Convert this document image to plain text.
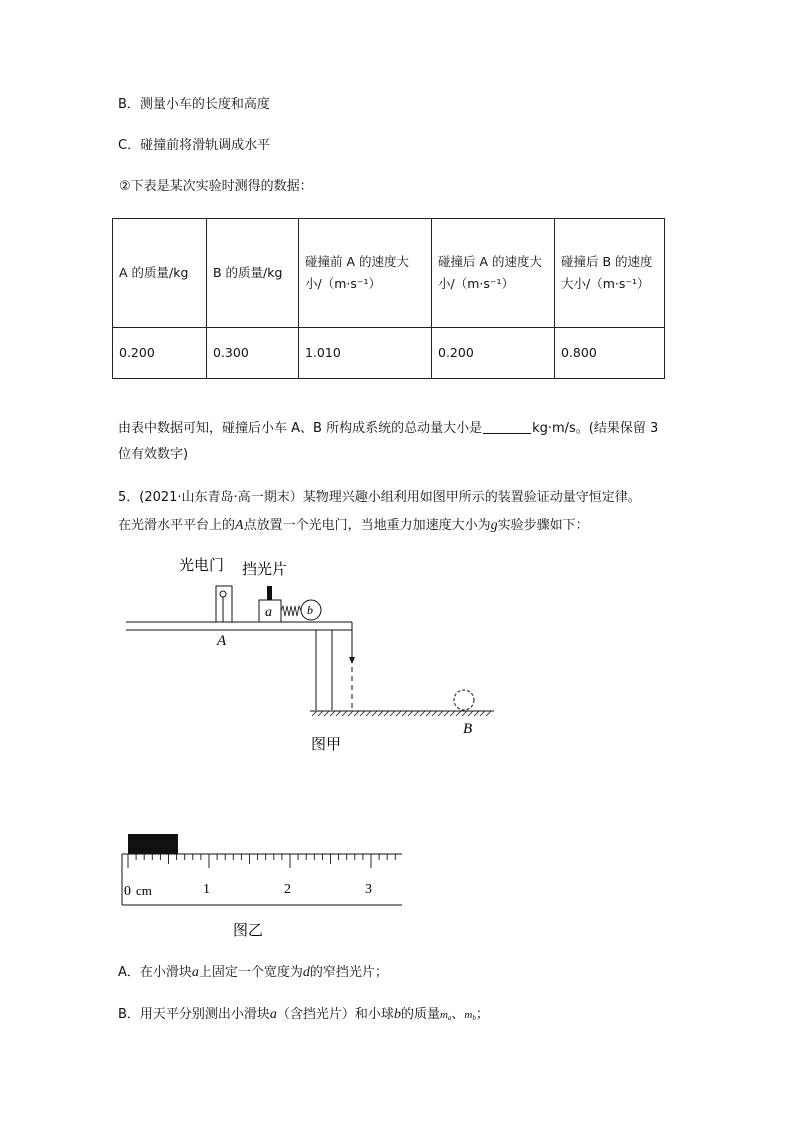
B．测量小车的长度和高度
C．碰撞前将滑轨调成水平
②下表是某次实验时测得的数据：
A 的质量/kg	B 的质量/kg	碰撞前 A 的速度大小/（m·s⁻¹）	碰撞后 A 的速度大小/（m·s⁻¹）	碰撞后 B 的速度大小/（m·s⁻¹）
0.200	0.300	1.010	0.200	0.800
由表中数据可知，碰撞后小车 A、B 所构成系统的总动量大小是	kg·m/s。(结果保留 3
位有效数字)
5．(2021·山东青岛·高一期末）某物理兴趣小组利用如图甲所示的装置验证动量守恒定律。
在光滑水平平台上的A点放置一个光电门，当地重力加速度大小为g实验步骤如下：
光电门 挡光片
a	b
A
B
图甲
0 cm	1	2	3
图乙
A．在小滑块a上固定一个宽度为d的窄挡光片；
B．用天平分别测出小滑块a（含挡光片）和小球b的质量ma、mb；
